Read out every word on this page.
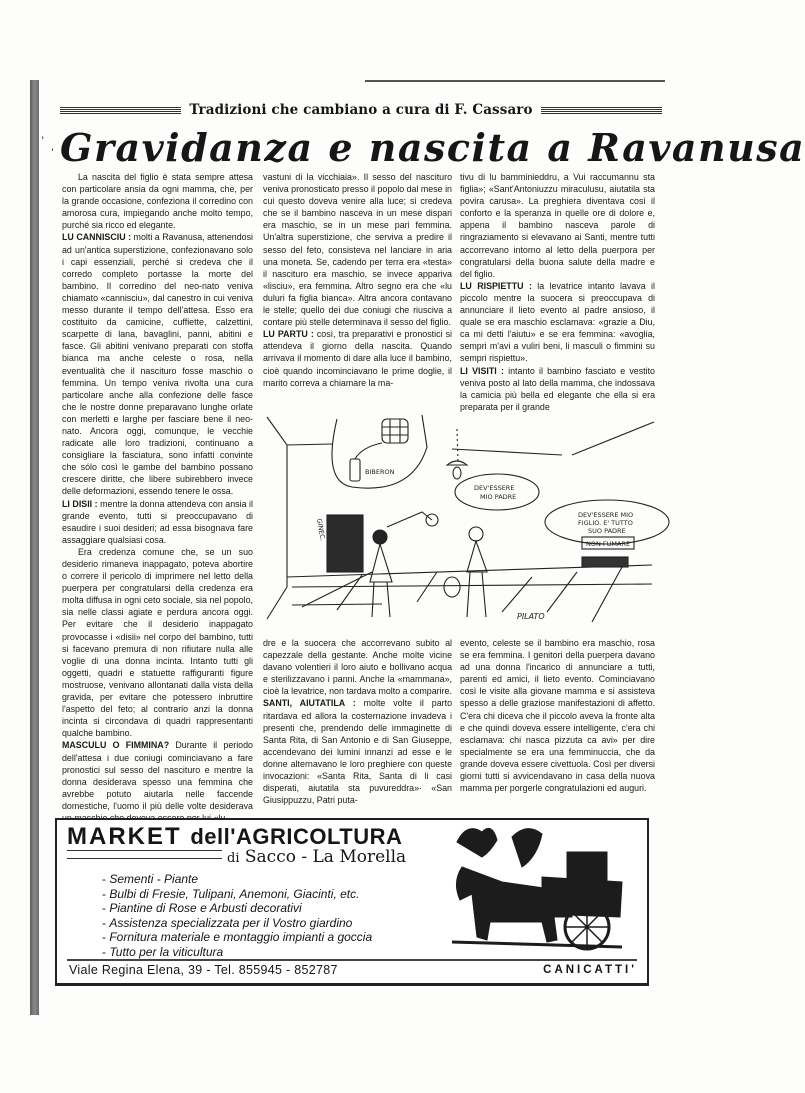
ˈ ˌ
Tradizioni che cambiano a cura di F. Cassaro
Gravidanza e nascita a Ravanusa

La nascita del figlio è stata sempre attesa con particolare ansia da ogni mamma, che, per la grande occasione, confeziona il corredino con amorosa cura, impiegando anche molto tempo, purché sia ricco ed elegante.

LU CANNISCIU : molti a Ravanusa, attenendosi ad un'antica superstizione, confezionavano solo i capi essenziali, perché si credeva che il corredo completo portasse la morte del bambino. Il corredino del neo-nato veniva chiamato «cannisciu», dal canestro in cui veniva messo durante il tempo dell'attesa. Esso era costituito da camicine, cuffiette, calzettini, scarpette di lana, bavaglini, panni, abitini e fasce. Gli abitini venivano preparati con stoffa bianca ma anche celeste o rosa, nella eventualità che il nascituro fosse maschio o femmina. Un tempo veniva rivolta una cura particolare anche alla confezione delle fasce che le nostre donne preparavano lunghe orlate con merletti e larghe per fasciare bene il neo-nato. Ancora oggi, comunque, le vecchie radicate alle loro tradizioni, continuano a consigliare la fasciatura, sono infatti convinte che sólo così le gambe del bambino possano crescere diritte, che libere subirebbero invece delle deformazioni, essendo tenere le ossa.

LI DISII : mentre la donna attendeva con ansia il grande evento, tutti si preoccupavano di esaudire i suoi desideri; ad essa bisognava fare assaggiare qualsiasi cosa.

Era credenza comune che, se un suo desiderio rimaneva inappagato, poteva abortire o correre il pericolo di imprimere nel letto della puerpera per congratularsi della credenza era molta diffusa in ogni ceto sociale, sia nel popolo, sia nelle classi agiate e perdura ancora oggi. Per evitare che il desiderio inappagato provocasse i «disii» nel corpo del bambino, tutti si facevano premura di non rifiutare nulla alle voglie di una donna incinta. Intanto tutti gli oggetti, quadri e statuette raffiguranti figure mostruose, venivano allontanati dalla vista della gravida, per evitare che potessero inbruttire l'aspetto del feto; al contrario anzi la donna incinta si circondava di quadri rappresentanti qualche bambino.

MASCULU O FIMMINA? Durante il periodo dell'attesa i due coniugi cominciavano a fare pronostici sul sesso del nascituro e mentre la donna desiderava spesso una femmina che avrebbe potuto aiutarla nelle faccende domestiche, l'uomo il più delle volte desiderava

vastuni di la vicchiaia». Il sesso del nascituro veniva pronosticato presso il popolo dal mese in cui questo doveva venire alla luce; si credeva che se il bambino nasceva in un mese dispari era maschio, se in un mese pari femmina. Un'altra superstizione, che serviva a predire il sesso del feto, consisteva nel lanciare in aria una moneta. Se, cadendo per terra era «testa» il nascituro era maschio, se invece appariva «lisciu», era femmina. Altro segno era che «lu duluri fa figlia bianca». Altra ancora contavano le stelle; quello dei due coniugi che riusciva a contare più stelle determinava il sesso del figlio.

LU PARTU : così, tra preparativi e pronostici si attendeva il giorno della nascita. Quando arrivava il momento di dare alla luce il bambino, cioè quando incominciavano le prime doglie, il marito correva a chiamare la ma-

tivu di lu bamminieddru, a Vui raccumannu sta figlia»; «Sant'Antoniuzzu miraculusu, aiutatila sta povira carusa». La preghiera diventava così il conforto e la speranza in quelle ore di dolore e, appena il bambino nasceva parole di ringraziamento si elevavano ai Santi, mentre tutti accorrevano intorno al letto della puerpora per congratularsi della buona salute della madre e del figlio.

LU RISPIETTU : la levatrice intanto lavava il piccolo mentre la suocera si preoccupava di annunciare il lieto evento al padre ansioso, il quale se era maschio esclamava: «grazie a Diu, ca mi detti l'aiutu» e se era femmina: «avoglia, sempri m'avi a vuliri beni, li masculi o fimmini su sempri rispiettu».

LI VISITI : intanto il bambino fasciato e vestito veniva posto al lato della mamma, che indossava la camicia più bella ed elegante che ella si era preparata per il grande

dre e la suocera che accorrevano subito al capezzale della gestante. Anche molte vicine davano volentieri il loro aiuto e bollivano acqua e sterilizzavano i panni. Anche la «mammana», cioè la levatrice, non tardava molto a comparire.

SANTI, AIUTATILA : molte volte il parto ritardava ed allora la costernazione invadeva i presenti che, prendendo delle immaginette di Santa Rita, di San Antonio e di San Giuseppe, accendevano dei lumini innanzi ad esse e le donne alternavano le loro preghiere con queste invocazioni: «Santa Rita, Santa di li casi disperati, aiutatila sta puvureddra»· «San Giusippuzzu, Patri puta-

evento, celeste se il bambino era maschio, rosa se era femmina. I genitori della puerpera davano ad una donna l'incarico di annunciare a tutti, parenti ed amici, il lieto evento. Cominciavano così le visite alla giovane mamma e si assisteva spesso a delle graziose manifestazioni di affetto. C'era chi diceva che il piccolo aveva la fronte alta e che quindi doveva essere intelligente, c'era chi esclamava: chi nasca pizzuta ca avi» per dire specialmente se era una femminuccia, che da grande doveva essere civettuola. Così per diversi giorni tutti si avvicendavano in casa della nuova mamma per porgerle congratulazioni ed auguri.

BIBERON
DEV'ESSERE
MIO PADRE
DEV'ESSERE MIO
FIGLIO. E' TUTTO
SUO PADRE
NON FUMARE
GINEC.
PILATO
MARKET dell'AGRICOLTURA
di Sacco - La Morella
- Sementi - Piante
- Bulbi di Fresie, Tulipani, Anemoni, Giacinti, etc.
- Piantine di Rose e Arbusti decorativi
- Assistenza specializzata per il Vostro giardino
- Fornitura materiale e montaggio impianti a goccia
- Tutto per la viticultura
Viale Regina Elena, 39 - Tel. 855945 - 852787	CANICATTI'
